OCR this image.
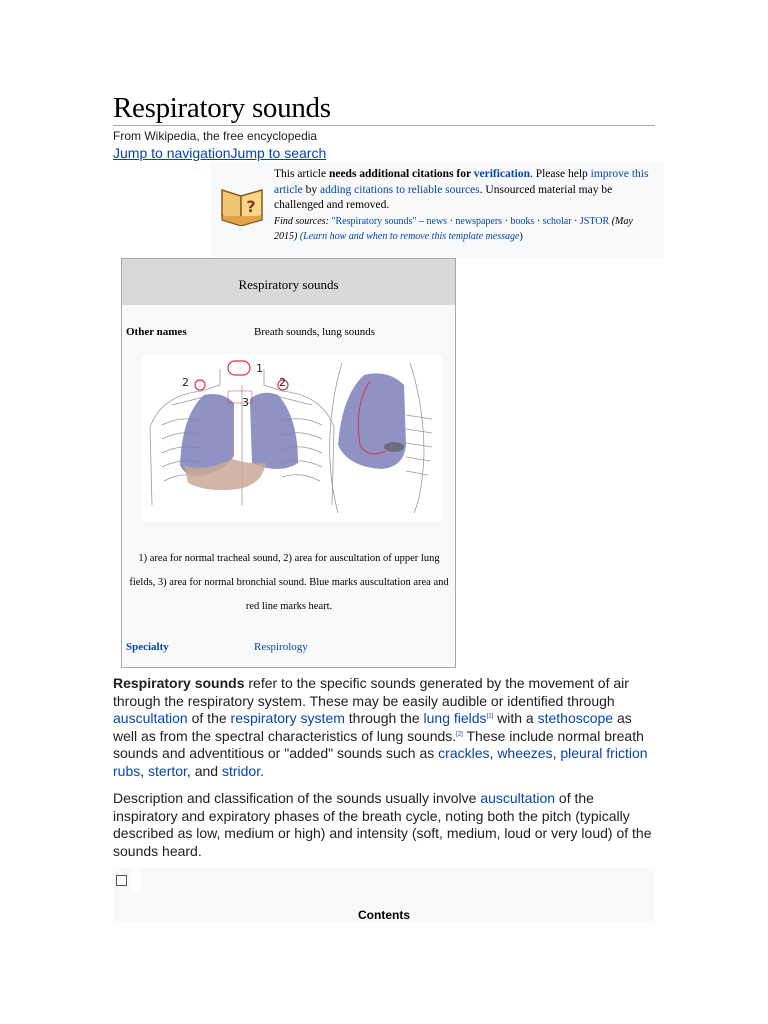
Respiratory sounds
From Wikipedia, the free encyclopedia
Jump to navigationJump to search
?
This article needs additional citations for verification. Please help improve this article by adding citations to reliable sources. Unsourced material may be challenged and removed.
Find sources: "Respiratory sounds" – news · newspapers · books · scholar · JSTOR (May 2015) (Learn how and when to remove this template message)
Respiratory sounds
Other names	Breath sounds, lung sounds
1
2	2
3
1) area for normal tracheal sound, 2) area for auscultation of upper lung fields, 3) area for normal bronchial sound. Blue marks auscultation area and red line marks heart.
Specialty	Respirology
Respiratory sounds refer to the specific sounds generated by the movement of air through the respiratory system. These may be easily audible or identified through auscultation of the respiratory system through the lung fields[1] with a stethoscope as well as from the spectral characteristics of lung sounds.[2] These include normal breath sounds and adventitious or "added" sounds such as crackles, wheezes, pleural friction rubs, stertor, and stridor.
Description and classification of the sounds usually involve auscultation of the inspiratory and expiratory phases of the breath cycle, noting both the pitch (typically described as low, medium or high) and intensity (soft, medium, loud or very loud) of the sounds heard.
Contents
